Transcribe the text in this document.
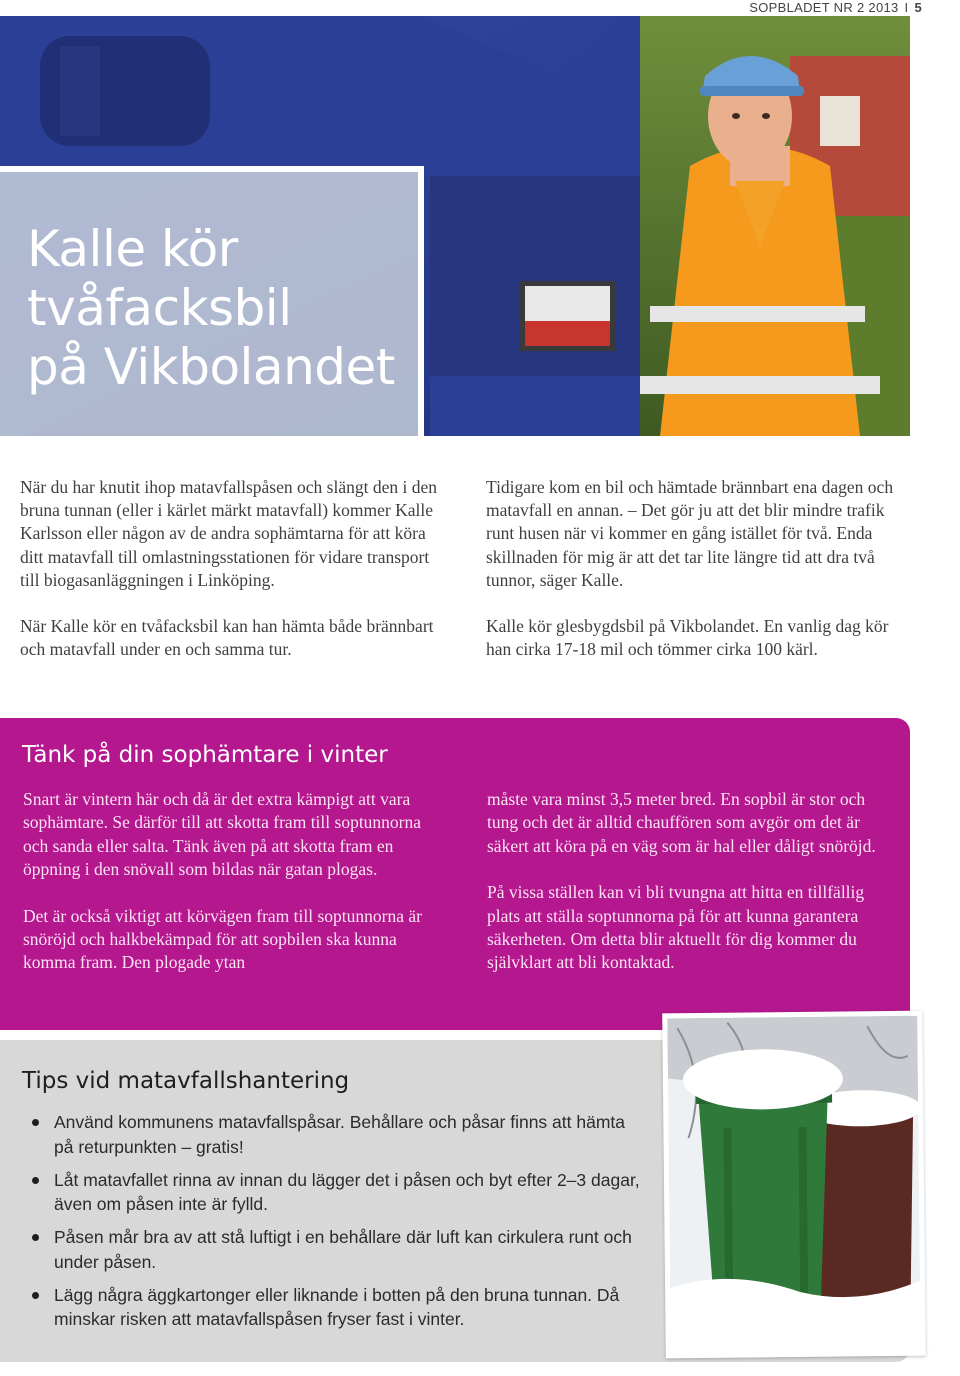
SOPBLADET NR 2 2013 I 5
Kalle kör
tvåfacksbil
på Vikbolandet

När du har knutit ihop matavfallspåsen och slängt den i den bruna tunnan (eller i kärlet märkt matavfall) kommer Kalle Karlsson eller någon av de andra sophämtarna för att köra ditt matavfall till omlastningsstationen för vidare transport till biogasanläggningen i Linköping.

När Kalle kör en tvåfacksbil kan han hämta både brännbart och matavfall under en och samma tur.

Tidigare kom en bil och hämtade brännbart ena dagen och matavfall en annan. – Det gör ju att det blir mindre trafik runt husen när vi kommer en gång istället för två. Enda skillnaden för mig är att det tar lite längre tid att dra två tunnor, säger Kalle.

Kalle kör glesbygdsbil på Vikbolandet. En vanlig dag kör han cirka 17-18 mil och tömmer cirka 100 kärl.

Tänk på din sophämtare i vinter

Snart är vintern här och då är det extra kämpigt att vara sophämtare. Se därför till att skotta fram till soptunnorna och sanda eller salta. Tänk även på att skotta fram en öppning i den snövall som bildas när gatan plogas.

Det är också viktigt att körvägen fram till soptunnorna är snöröjd och halkbekämpad för att sopbilen ska kunna komma fram. Den plogade ytan

måste vara minst 3,5 meter bred. En sopbil är stor och tung och det är alltid chauffören som avgör om det är säkert att köra på en väg som är hal eller dåligt snöröjd.

På vissa ställen kan vi bli tvungna att hitta en tillfällig plats att ställa soptunnorna på för att kunna garantera säkerheten. Om detta blir aktuellt för dig kommer du självklart att bli kontaktad.

Tips vid matavfallshantering
Använd kommunens matavfallspåsar. Behållare och påsar finns att hämta på returpunkten – gratis!
Låt matavfallet rinna av innan du lägger det i påsen och byt efter 2–3 dagar, även om påsen inte är fylld.
Påsen mår bra av att stå luftigt i en behållare där luft kan cirkulera runt och under påsen.
Lägg några äggkartonger eller liknande i botten på den bruna tunnan. Då minskar risken att matavfallspåsen fryser fast i vinter.
